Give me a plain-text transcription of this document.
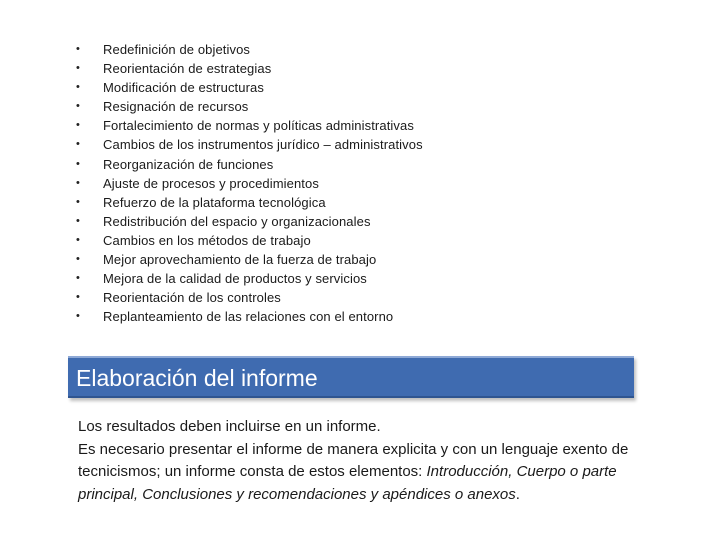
•	Redefinición de objetivos
•	Reorientación de estrategias
•	Modificación de estructuras
•	Resignación de recursos
•	Fortalecimiento de normas y políticas administrativas
•	Cambios de los instrumentos jurídico – administrativos
•	Reorganización de funciones
•	Ajuste de procesos y procedimientos
•	Refuerzo de la plataforma tecnológica
•	Redistribución del espacio y organizacionales
•	Cambios en los métodos de trabajo
•	Mejor aprovechamiento de la fuerza de trabajo
•	Mejora de la calidad de productos y servicios
•	Reorientación de los controles
•	Replanteamiento de las relaciones con el entorno
Elaboración del informe

Los resultados deben incluirse en un informe.

Es necesario presentar el informe de manera explicita y con un lenguaje exento de tecnicismos; un informe consta de estos elementos: Introducción, Cuerpo o parte principal, Conclusiones y recomendaciones y apéndices o anexos.
